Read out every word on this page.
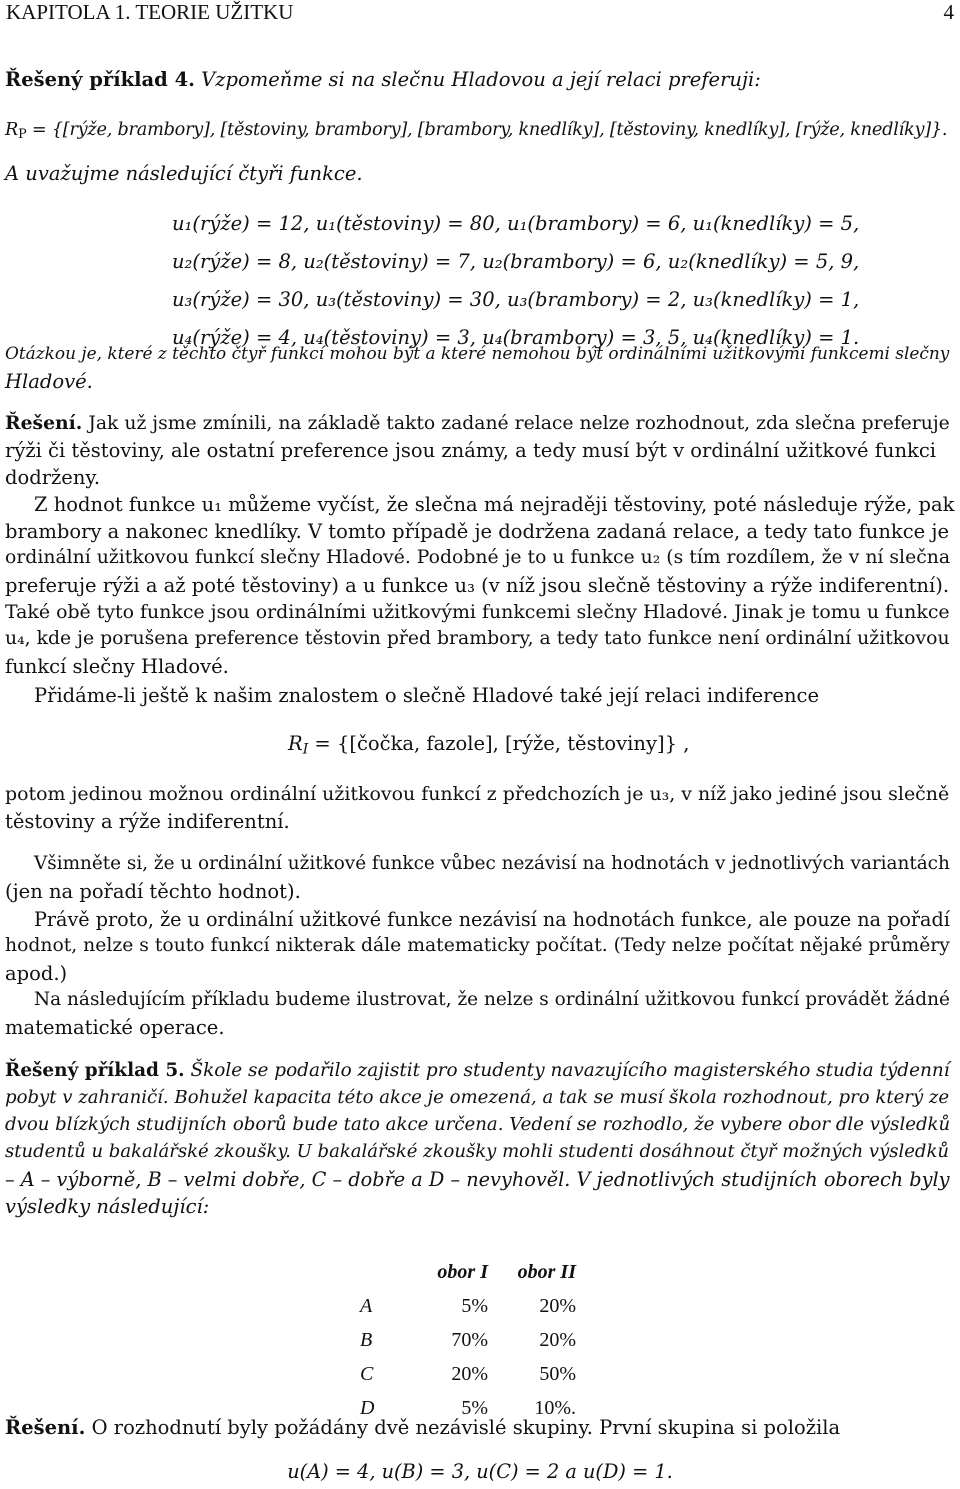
KAPITOLA 1. TEORIE UŽITKU	4
Řešený příklad 4. Vzpomeňme si na slečnu Hladovou a její relaci preferuji:
$R_P$ = {[rýže, brambory], [těstoviny, brambory], [brambory, knedlíky], [těstoviny, knedlíky], [rýže, knedlíky]}.
A uvažujme následující čtyři funkce.
u₁(rýže) = 12, u₁(těstoviny) = 80, u₁(brambory) = 6, u₁(knedlíky) = 5,
u₂(rýže) = 8, u₂(těstoviny) = 7, u₂(brambory) = 6, u₂(knedlíky) = 5, 9,
u₃(rýže) = 30, u₃(těstoviny) = 30, u₃(brambory) = 2, u₃(knedlíky) = 1,
u₄(rýže) = 4, u₄(těstoviny) = 3, u₄(brambory) = 3, 5, u₄(knedlíky) = 1.
Otázkou je, které z těchto čtyř funkcí mohou být a které nemohou být ordinálními užitkovými funkcemi slečny
Hladové.
Řešení. Jak už jsme zmínili, na základě takto zadané relace nelze rozhodnout, zda slečna preferuje
rýži či těstoviny, ale ostatní preference jsou známy, a tedy musí být v ordinální užitkové funkci
dodrženy.
Z hodnot funkce u₁ můžeme vyčíst, že slečna má nejraději těstoviny, poté následuje rýže, pak
brambory a nakonec knedlíky. V tomto případě je dodržena zadaná relace, a tedy tato funkce je
ordinální užitkovou funkcí slečny Hladové. Podobné je to u funkce u₂ (s tím rozdílem, že v ní slečna
preferuje rýži a až poté těstoviny) a u funkce u₃ (v níž jsou slečně těstoviny a rýže indiferentní).
Také obě tyto funkce jsou ordinálními užitkovými funkcemi slečny Hladové. Jinak je tomu u funkce
u₄, kde je porušena preference těstovin před brambory, a tedy tato funkce není ordinální užitkovou
funkcí slečny Hladové.
Přidáme-li ještě k našim znalostem o slečně Hladové také její relaci indiference
$R_I$ = {[čočka, fazole], [rýže, těstoviny]} ,
potom jedinou možnou ordinální užitkovou funkcí z předchozích je u₃, v níž jako jediné jsou slečně
těstoviny a rýže indiferentní.
Všimněte si, že u ordinální užitkové funkce vůbec nezávisí na hodnotách v jednotlivých variantách
(jen na pořadí těchto hodnot).
Právě proto, že u ordinální užitkové funkce nezávisí na hodnotách funkce, ale pouze na pořadí
hodnot, nelze s touto funkcí nikterak dále matematicky počítat. (Tedy nelze počítat nějaké průměry
apod.)
Na následujícím příkladu budeme ilustrovat, že nelze s ordinální užitkovou funkcí provádět žádné
matematické operace.
Řešený příklad 5. Škole se podařilo zajistit pro studenty navazujícího magisterského studia týdenní
pobyt v zahraničí. Bohužel kapacita této akce je omezená, a tak se musí škola rozhodnout, pro který ze
dvou blízkých studijních oborů bude tato akce určena. Vedení se rozhodlo, že vybere obor dle výsledků
studentů u bakalářské zkoušky. U bakalářské zkoušky mohli studenti dosáhnout čtyř možných výsledků
– A – výborně, B – velmi dobře, C – dobře a D – nevyhověl. V jednotlivých studijních oborech byly
výsledky následující:
	obor I	obor II
A	5%	20%
B	70%	20%
C	20%	50%
D	5%	10%.
Řešení. O rozhodnutí byly požádány dvě nezávislé skupiny. První skupina si položila
u(A) = 4, u(B) = 3, u(C) = 2 a u(D) = 1.
